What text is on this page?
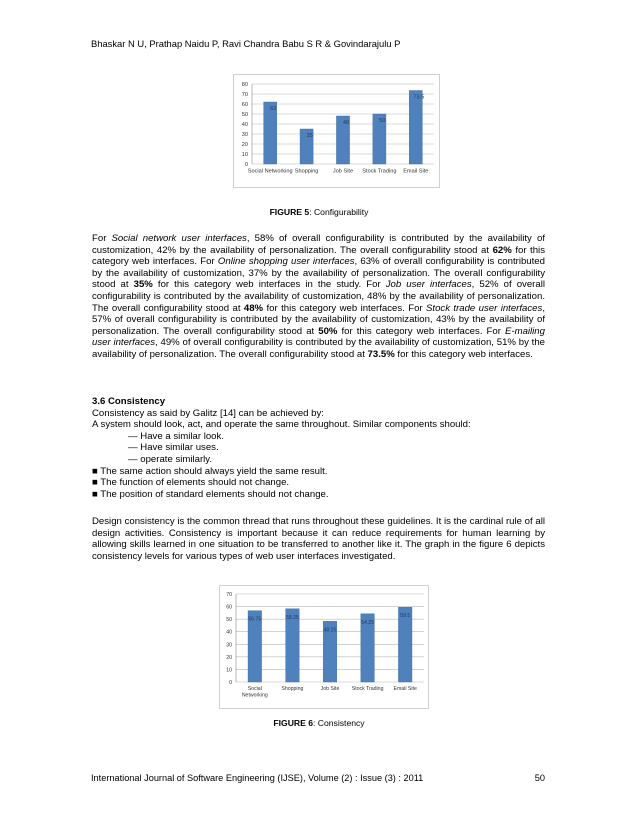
Bhaskar N U, Prathap Naidu P, Ravi Chandra Babu S R & Govindarajulu P
0
10
20
30
40
50
60
70
80
62
Social Networking
35
Shopping
48
Job Site
50
Stock Trading
73.5
Email Site
FIGURE 5: Configurability

For Social network user interfaces, 58% of overall configurability is contributed by the availability of customization, 42% by the availability of personalization. The overall configurability stood at 62% for this category web interfaces. For Online shopping user interfaces, 63% of overall configurability is contributed by the availability of customization, 37% by the availability of personalization. The overall configurability stood at 35% for this category web interfaces in the study. For Job user interfaces, 52% of overall configurability is contributed by the availability of customization, 48% by the availability of personalization. The overall configurability stood at 48% for this category web interfaces. For Stock trade user interfaces, 57% of overall configurability is contributed by the availability of customization, 43% by the availability of personalization. The overall configurability stood at 50% for this category web interfaces. For E-mailing user interfaces, 49% of overall configurability is contributed by the availability of customization, 51% by the availability of personalization. The overall configurability stood at 73.5% for this category web interfaces.

3.6 Consistency

Consistency as said by Galitz [14] can be achieved by:

A system should look, act, and operate the same throughout. Similar components should:

— Have a similar look.

— Have similar uses.

— operate similarly.

■ The same action should always yield the same result.

■ The function of elements should not change.

■ The position of standard elements should not change.

Design consistency is the common thread that runs throughout these guidelines. It is the cardinal rule of all design activities. Consistency is important because it can reduce requirements for human learning by allowing skills learned in one situation to be transferred to another like it. The graph in the figure 6 depicts consistency levels for various types of web user interfaces investigated.

0
10
20
30
40
50
60
70
56.75
Social
Networking
58.25
Shopping
48.25
Job Site
54.25
Stock Trading
59.5
Email Site
FIGURE 6: Consistency
International Journal of Software Engineering (IJSE), Volume (2) : Issue (3) : 2011	50
